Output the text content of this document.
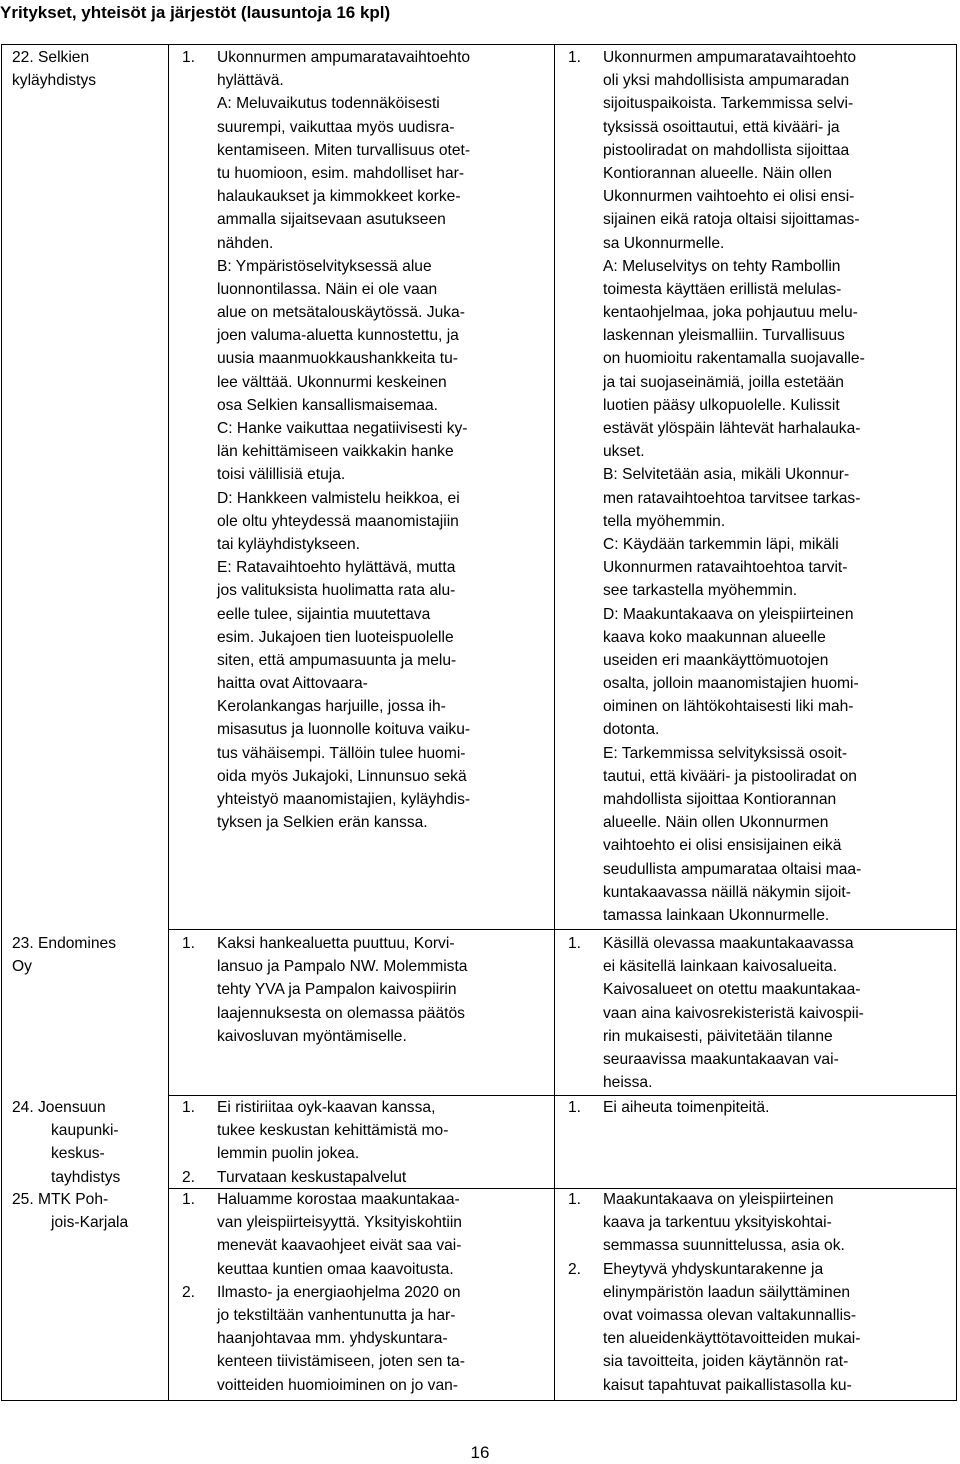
Yritykset, yhteisöt ja järjestöt (lausuntoja 16 kpl)
22. Selkien
kyläyhdistys
1. Ukonnurmen ampumaratavaihtoehto
hylättävä.
A: Meluvaikutus todennäköisesti
suurempi, vaikuttaa myös uudisra-
kentamiseen. Miten turvallisuus otet-
tu huomioon, esim. mahdolliset har-
halaukaukset ja kimmokkeet korke-
ammalla sijaitsevaan asutukseen
nähden.
B: Ympäristöselvityksessä alue
luonnontilassa. Näin ei ole vaan
alue on metsätalouskäytössä. Juka-
joen valuma-aluetta kunnostettu, ja
uusia maanmuokkaushankkeita tu-
lee välttää. Ukonnurmi keskeinen
osa Selkien kansallismaisemaa.
C: Hanke vaikuttaa negatiivisesti ky-
län kehittämiseen vaikkakin hanke
toisi välillisiä etuja.
D: Hankkeen valmistelu heikkoa, ei
ole oltu yhteydessä maanomistajiin
tai kyläyhdistykseen.
E: Ratavaihtoehto hylättävä, mutta
jos valituksista huolimatta rata alu-
eelle tulee, sijaintia muutettava
esim. Jukajoen tien luoteispuolelle
siten, että ampumasuunta ja melu-
haitta ovat Aittovaara-
Kerolankangas harjuille, jossa ih-
misasutus ja luonnolle koituva vaiku-
tus vähäisempi. Tällöin tulee huomi-
oida myös Jukajoki, Linnunsuo sekä
yhteistyö maanomistajien, kyläyhdis-
tyksen ja Selkien erän kanssa.
1. Ukonnurmen ampumaratavaihtoehto
oli yksi mahdollisista ampumaradan
sijoituspaikoista. Tarkemmissa selvi-
tyksissä osoittautui, että kivääri- ja
pistooliradat on mahdollista sijoittaa
Kontiorannan alueelle. Näin ollen
Ukonnurmen vaihtoehto ei olisi ensi-
sijainen eikä ratoja oltaisi sijoittamas-
sa Ukonnurmelle.
A: Meluselvitys on tehty Rambollin
toimesta käyttäen erillistä melulas-
kentaohjelmaa, joka pohjautuu melu-
laskennan yleismalliin. Turvallisuus
on huomioitu rakentamalla suojavalle-
ja tai suojaseinämiä, joilla estetään
luotien pääsy ulkopuolelle. Kulissit
estävät ylöspäin lähtevät harhalauka-
ukset.
B: Selvitetään asia, mikäli Ukonnur-
men ratavaihtoehtoa tarvitsee tarkas-
tella myöhemmin.
C: Käydään tarkemmin läpi, mikäli
Ukonnurmen ratavaihtoehtoa tarvit-
see tarkastella myöhemmin.
D: Maakuntakaava on yleispiirteinen
kaava koko maakunnan alueelle
useiden eri maankäyttömuotojen
osalta, jolloin maanomistajien huomi-
oiminen on lähtökohtaisesti liki mah-
dotonta.
E: Tarkemmissa selvityksissä osoit-
tautui, että kivääri- ja pistooliradat on
mahdollista sijoittaa Kontiorannan
alueelle. Näin ollen Ukonnurmen
vaihtoehto ei olisi ensisijainen eikä
seudullista ampumarataa oltaisi maa-
kuntakaavassa näillä näkymin sijoit-
tamassa lainkaan Ukonnurmelle.
23. Endomines
Oy
1. Kaksi hankealuetta puuttuu, Korvi-
lansuo ja Pampalo NW. Molemmista
tehty YVA ja Pampalon kaivospiirin
laajennuksesta on olemassa päätös
kaivosluvan myöntämiselle.
1. Käsillä olevassa maakuntakaavassa
ei käsitellä lainkaan kaivosalueita.
Kaivosalueet on otettu maakuntakaa-
vaan aina kaivosrekisteristä kaivospii-
rin mukaisesti, päivitetään tilanne
seuraavissa maakuntakaavan vai-
heissa.
24. Joensuun
kaupunki-
keskus-
tayhdistys
1. Ei ristiriitaa oyk-kaavan kanssa,
tukee keskustan kehittämistä mo-
lemmin puolin jokea.
2. Turvataan keskustapalvelut
1. Ei aiheuta toimenpiteitä.
25. MTK Poh-
jois-Karjala
1. Haluamme korostaa maakuntakaa-
van yleispiirteisyyttä. Yksityiskohtiin
menevät kaavaohjeet eivät saa vai-
keuttaa kuntien omaa kaavoitusta.
2. Ilmasto- ja energiaohjelma 2020 on
jo tekstiltään vanhentunutta ja har-
haanjohtavaa mm. yhdyskuntara-
kenteen tiivistämiseen, joten sen ta-
voitteiden huomioiminen on jo van-
1. Maakuntakaava on yleispiirteinen
kaava ja tarkentuu yksityiskohtai-
semmassa suunnittelussa, asia ok.
2. Eheytyvä yhdyskuntarakenne ja
elinympäristön laadun säilyttäminen
ovat voimassa olevan valtakunnallis-
ten alueidenkäyttötavoitteiden mukai-
sia tavoitteita, joiden käytännön rat-
kaisut tapahtuvat paikallistasolla ku-
16
